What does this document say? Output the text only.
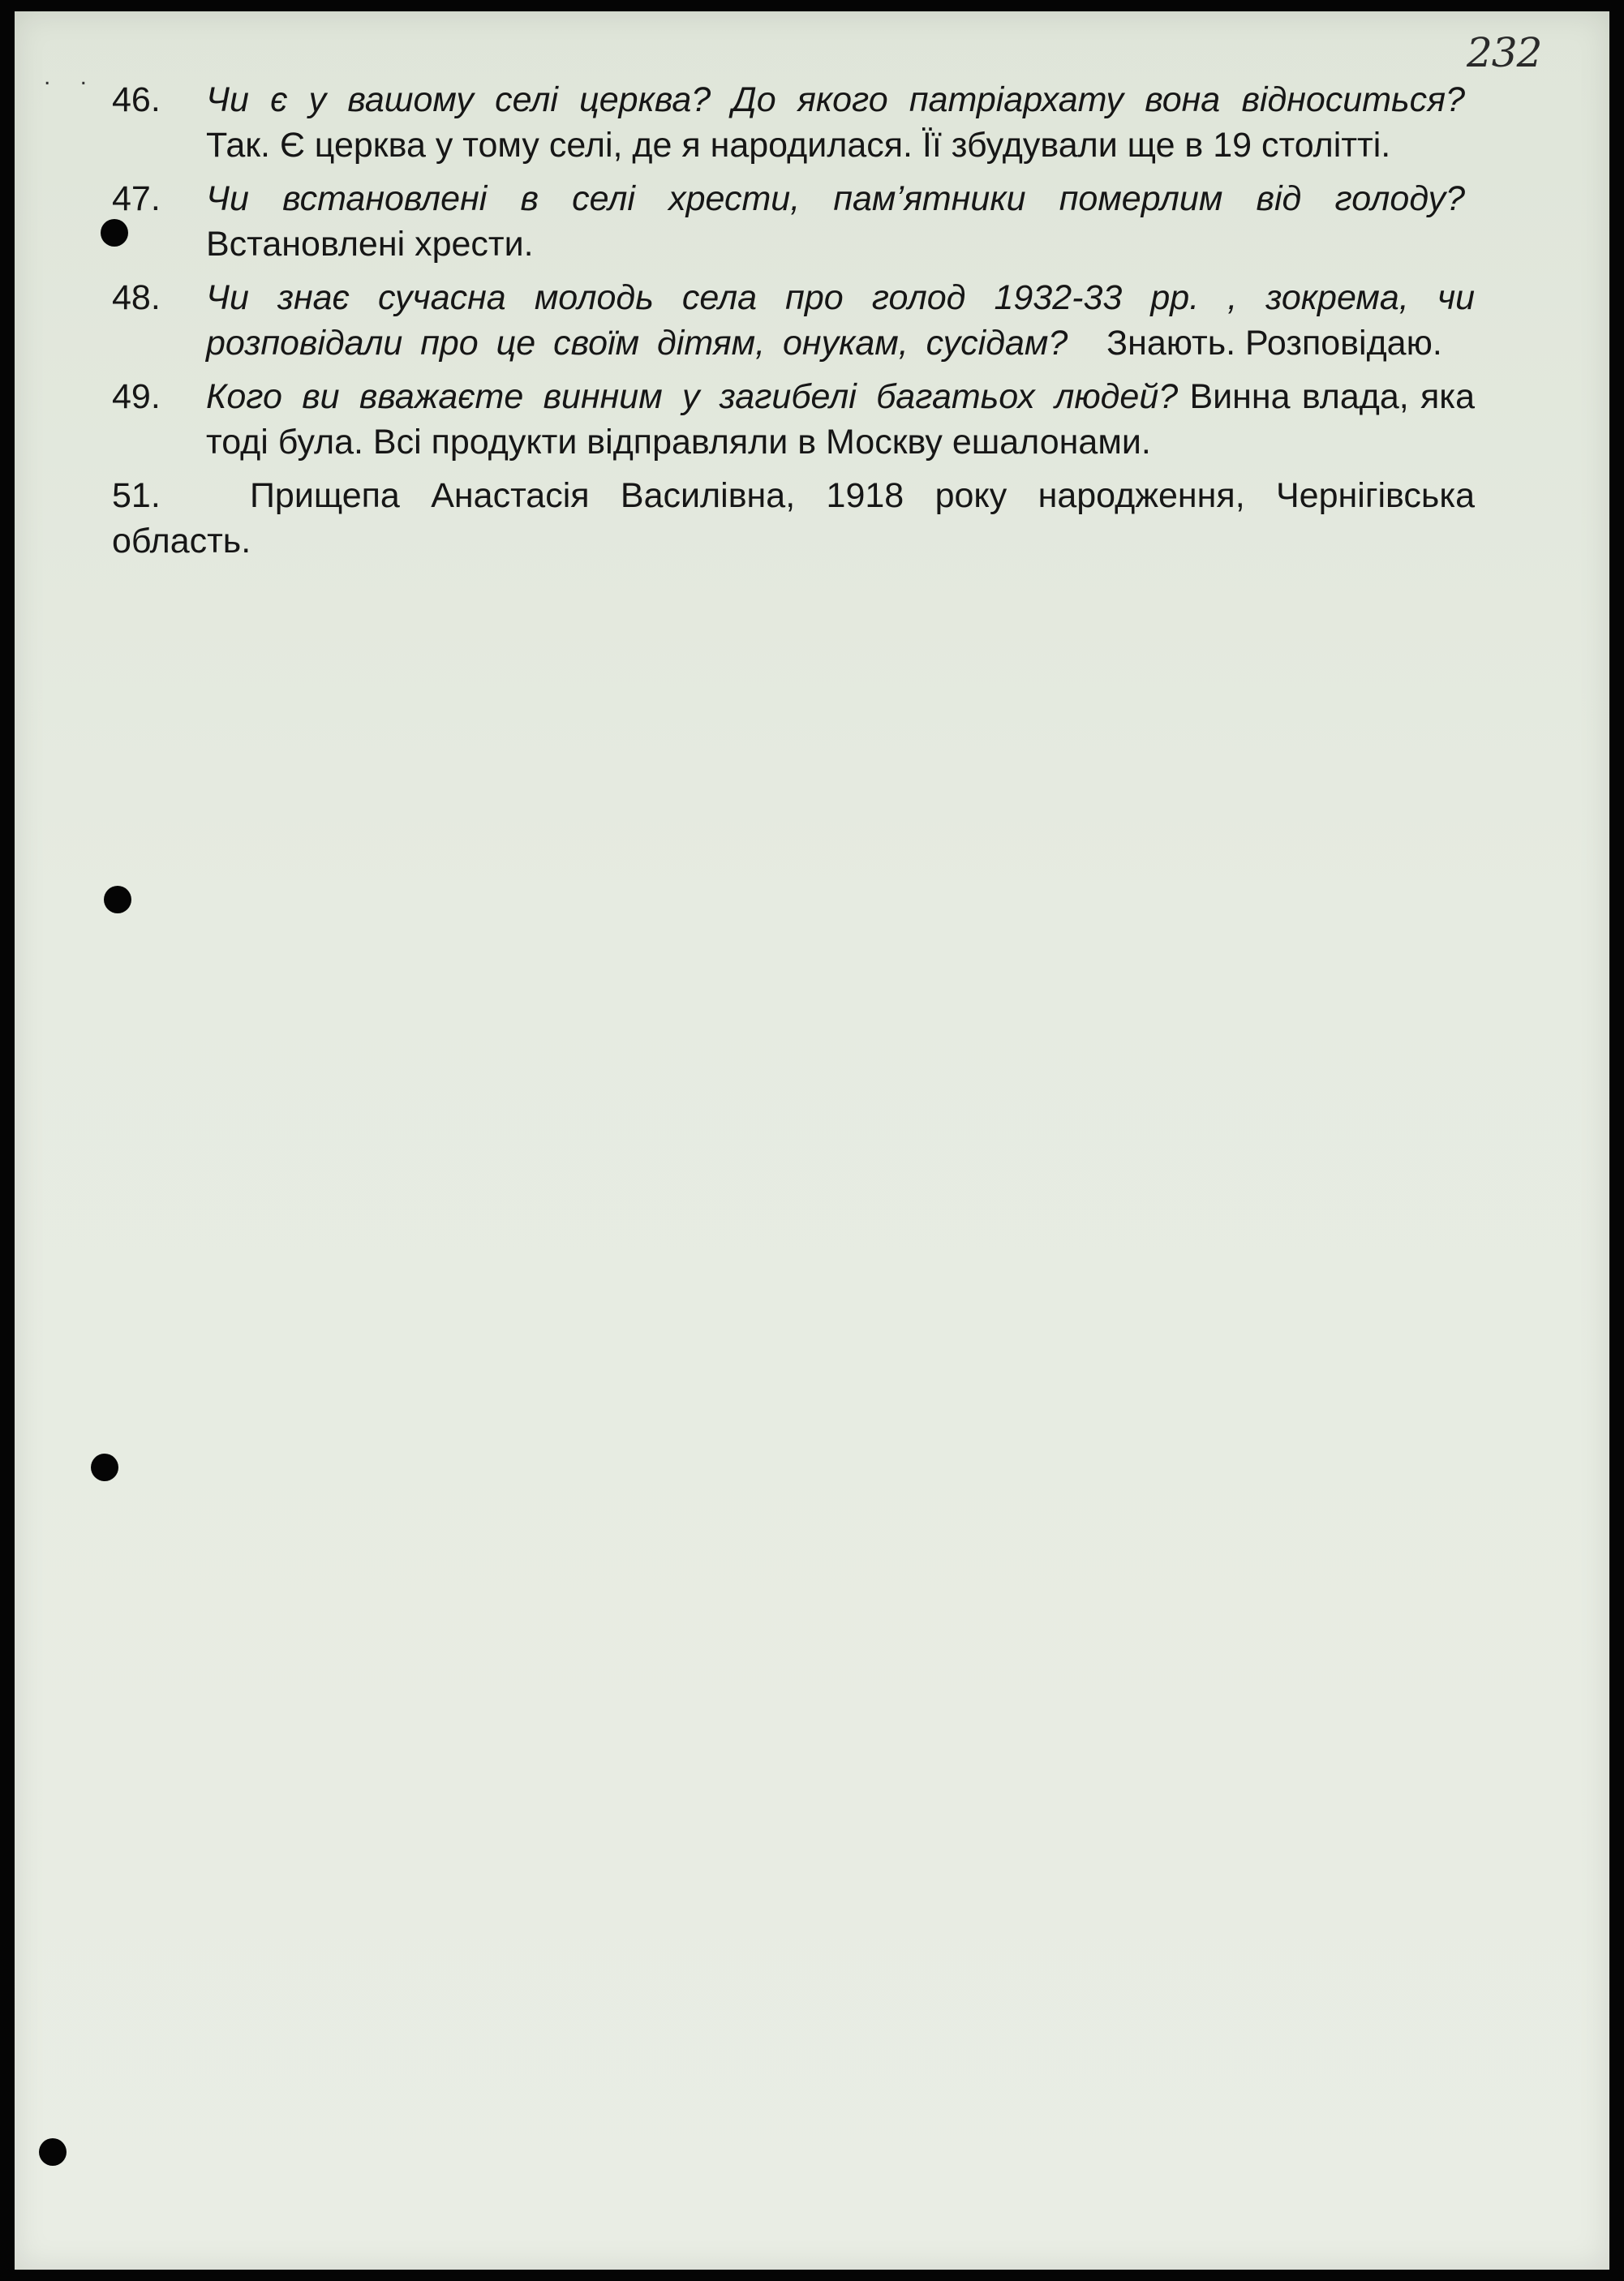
. .
232
46.	Чи є у вашому селі церква? До якого патріархату вона відноситься?  Так. Є церква у тому селі, де я народилася. Її збудували ще в 19 столітті.
47.	Чи встановлені в селі хрести, пам’ятники померлим від голоду?  Встановлені хрести.
48.	Чи знає сучасна молодь села про голод 1932-33 рр. , зокрема, чи розповідали про це своїм дітям, онукам, сусідам? Знають. Розповідаю.
49.	Кого ви вважаєте винним у загибелі багатьох людей? Винна влада, яка тоді була. Всі продукти відправляли в Москву ешалонами.
51.	Прищепа Анастасія Василівна, 1918 року народження, Чернігівська область.
